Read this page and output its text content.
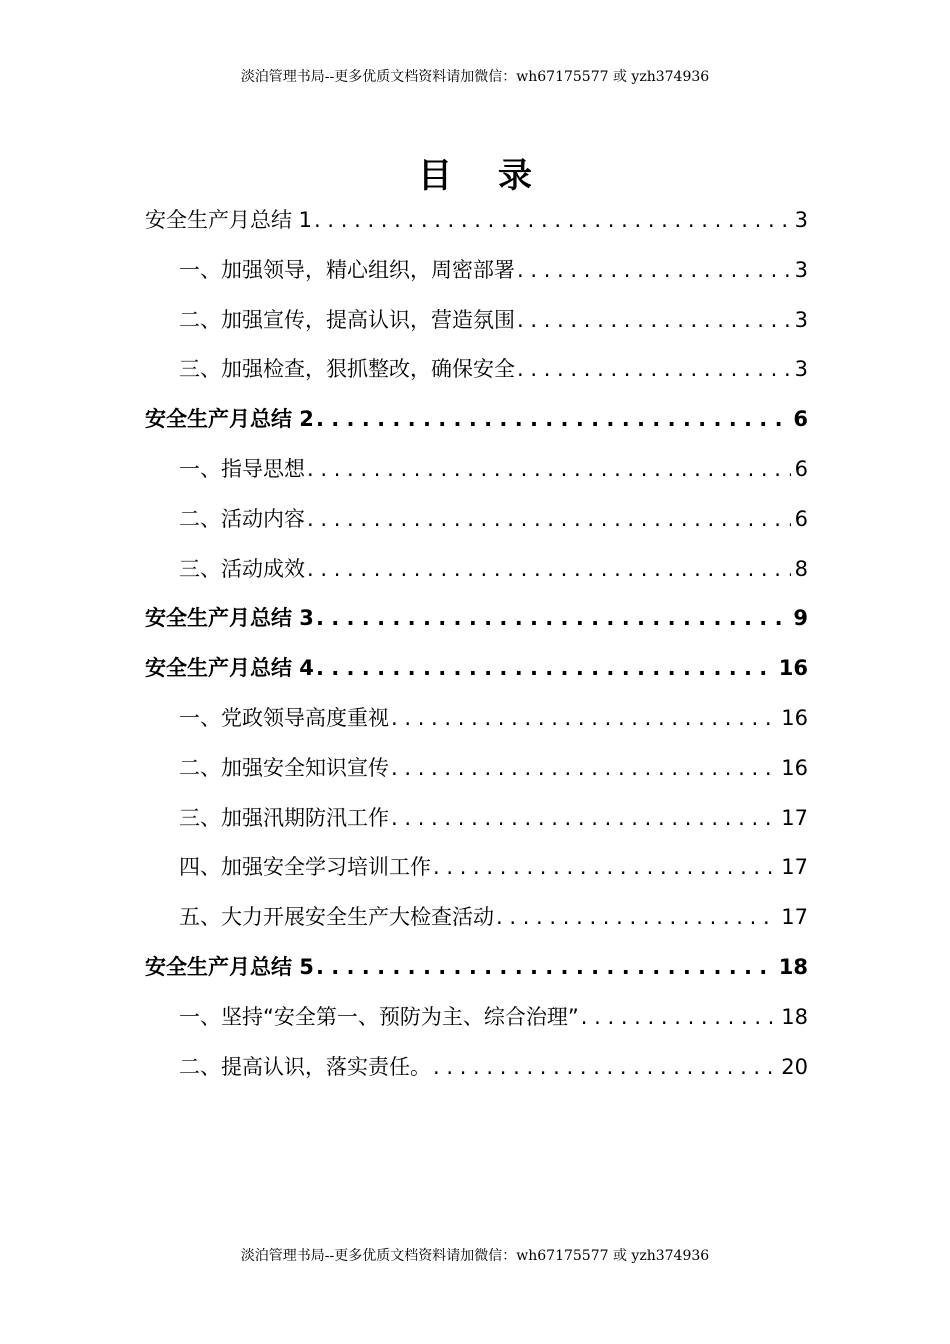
淡泊管理书局--更多优质文档资料请加微信：wh67175577 或 yzh374936
目录
安全生产月总结 1 . . .	3
一、加强领导，精心组织，周密部署 . . .	3
二、加强宣传，提高认识，营造氛围 . . .	3
三、加强检查，狠抓整改，确保安全 . . .	3
安全生产月总结 2 . . .	6
一、指导思想 . . .	6
二、活动内容 . . .	6
三、活动成效 . . .	8
安全生产月总结 3 . . .	9
安全生产月总结 4 . . .	16
一、党政领导高度重视 . . .	16
二、加强安全知识宣传 . . .	16
三、加强汛期防汛工作 . . .	17
四、加强安全学习培训工作 . . .	17
五、大力开展安全生产大检查活动 . . .	17
安全生产月总结 5 . . .	18
一、坚持“安全第一、预防为主、综合治理” . . .	18
二、提高认识，落实责任。 . . .	20
淡泊管理书局--更多优质文档资料请加微信：wh67175577 或 yzh374936
